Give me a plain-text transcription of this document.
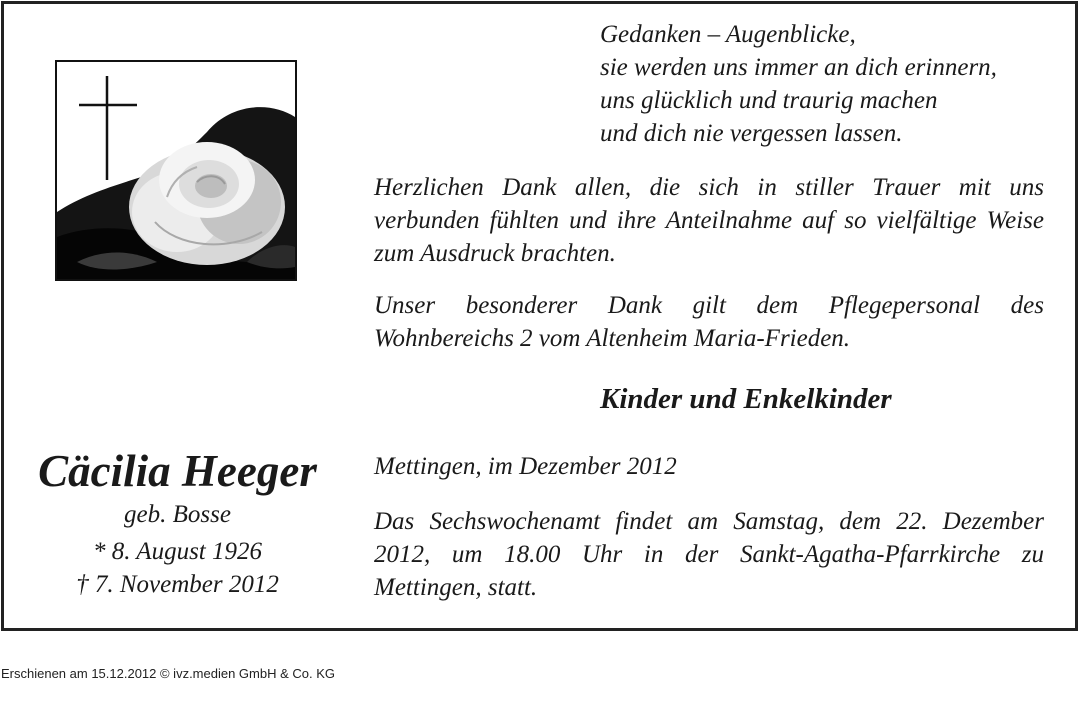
Gedanken – Augenblicke,
sie werden uns immer an dich erinnern,
uns glücklich und traurig machen
und dich nie vergessen lassen.
Herzlichen Dank allen, die sich in stiller Trauer mit uns verbunden fühlten und ihre Anteilnahme auf so vielfältige Weise zum Ausdruck brachten.
Unser besonderer Dank gilt dem Pflegepersonal des Wohnbereichs 2 vom Altenheim Maria-Frieden.
Kinder und Enkelkinder
Mettingen, im Dezember 2012
Das Sechswochenamt findet am Samstag, dem 22. Dezember 2012, um 18.00 Uhr in der Sankt-Agatha-Pfarrkirche zu Mettingen, statt.
Cäcilia Heeger
geb. Bosse
* 8. August 1926
† 7. November 2012
Erschienen am 15.12.2012 © ivz.medien GmbH & Co. KG
